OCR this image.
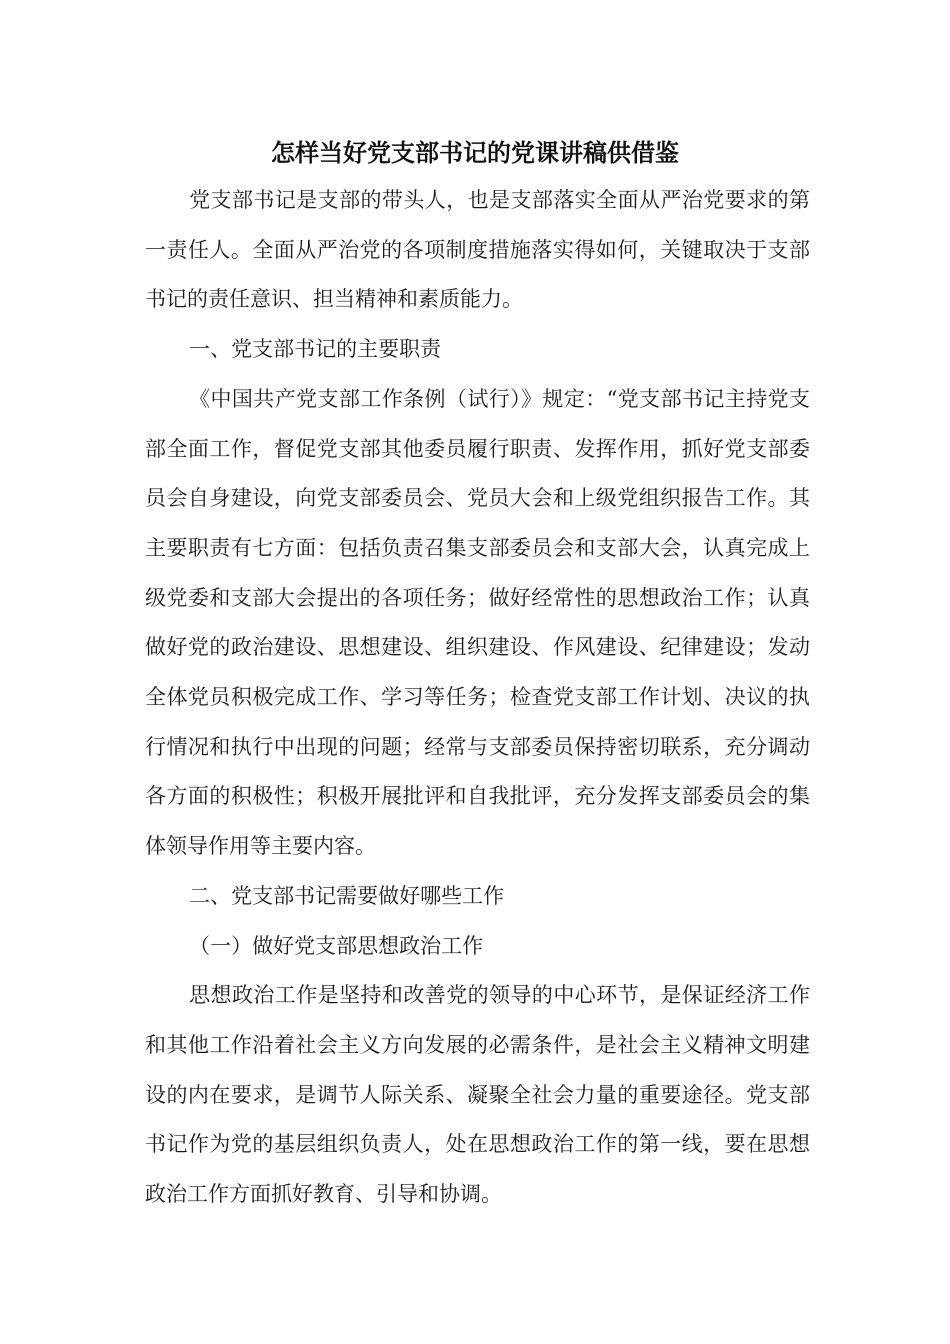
怎样当好党支部书记的党课讲稿供借鉴

党支部书记是支部的带头人，也是支部落实全面从严治党要求的第一责任人。全面从严治党的各项制度措施落实得如何，关键取决于支部书记的责任意识、担当精神和素质能力。

一、党支部书记的主要职责

《中国共产党支部工作条例（试行）》规定：“党支部书记主持党支部全面工作，督促党支部其他委员履行职责、发挥作用，抓好党支部委员会自身建设，向党支部委员会、党员大会和上级党组织报告工作。其主要职责有七方面：包括负责召集支部委员会和支部大会，认真完成上级党委和支部大会提出的各项任务；做好经常性的思想政治工作；认真做好党的政治建设、思想建设、组织建设、作风建设、纪律建设；发动全体党员积极完成工作、学习等任务；检查党支部工作计划、决议的执行情况和执行中出现的问题；经常与支部委员保持密切联系，充分调动各方面的积极性；积极开展批评和自我批评，充分发挥支部委员会的集体领导作用等主要内容。

二、党支部书记需要做好哪些工作

（一）做好党支部思想政治工作

思想政治工作是坚持和改善党的领导的中心环节，是保证经济工作和其他工作沿着社会主义方向发展的必需条件，是社会主义精神文明建设的内在要求，是调节人际关系、凝聚全社会力量的重要途径。党支部书记作为党的基层组织负责人，处在思想政治工作的第一线，要在思想政治工作方面抓好教育、引导和协调。
